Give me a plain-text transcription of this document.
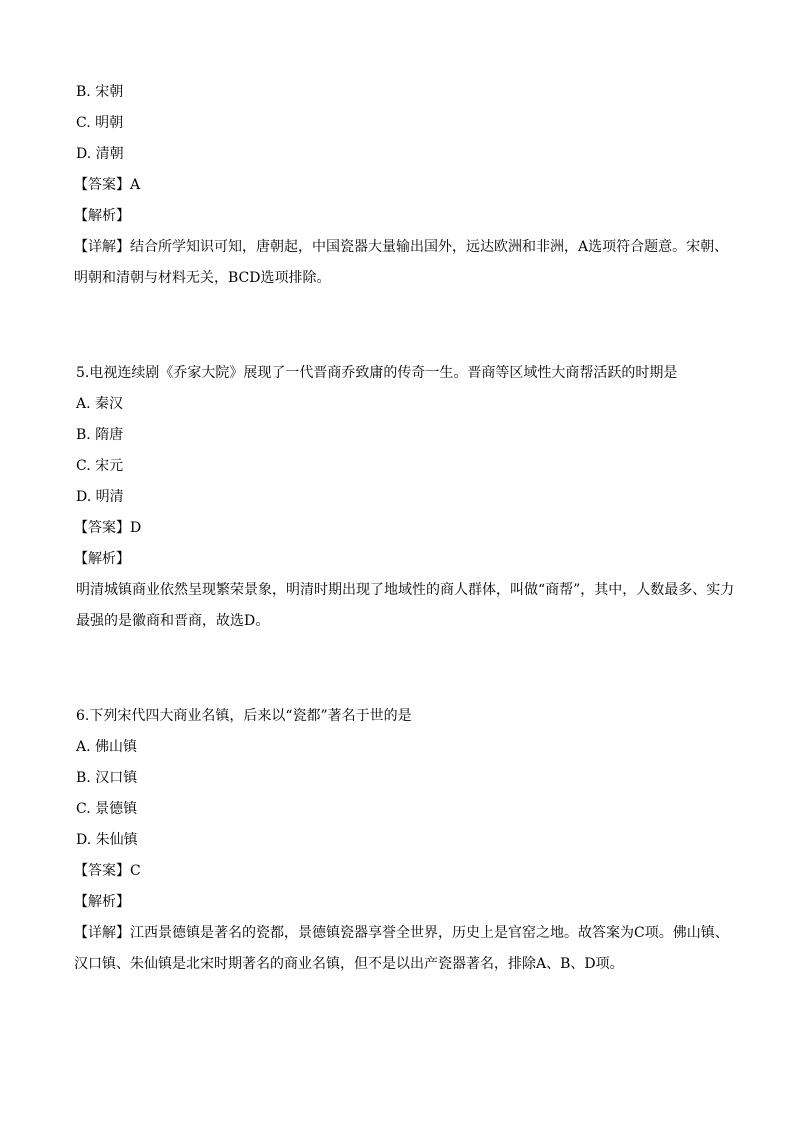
B. 宋朝
C. 明朝
D. 清朝
【答案】A
【解析】
【详解】结合所学知识可知，唐朝起，中国瓷器大量输出国外，远达欧洲和非洲，A选项符合题意。宋朝、明朝和清朝与材料无关，BCD选项排除。
5.电视连续剧《乔家大院》展现了一代晋商乔致庸的传奇一生。晋商等区域性大商帮活跃的时期是
A. 秦汉
B. 隋唐
C. 宋元
D. 明清
【答案】D
【解析】
明清城镇商业依然呈现繁荣景象，明清时期出现了地域性的商人群体，叫做“商帮”，其中，人数最多、实力最强的是徽商和晋商，故选D。
6.下列宋代四大商业名镇，后来以“瓷都”著名于世的是
A. 佛山镇
B. 汉口镇
C. 景德镇
D. 朱仙镇
【答案】C
【解析】
【详解】江西景德镇是著名的瓷都，景德镇瓷器享誉全世界，历史上是官窑之地。故答案为C项。佛山镇、汉口镇、朱仙镇是北宋时期著名的商业名镇，但不是以出产瓷器著名，排除A、B、D项。
